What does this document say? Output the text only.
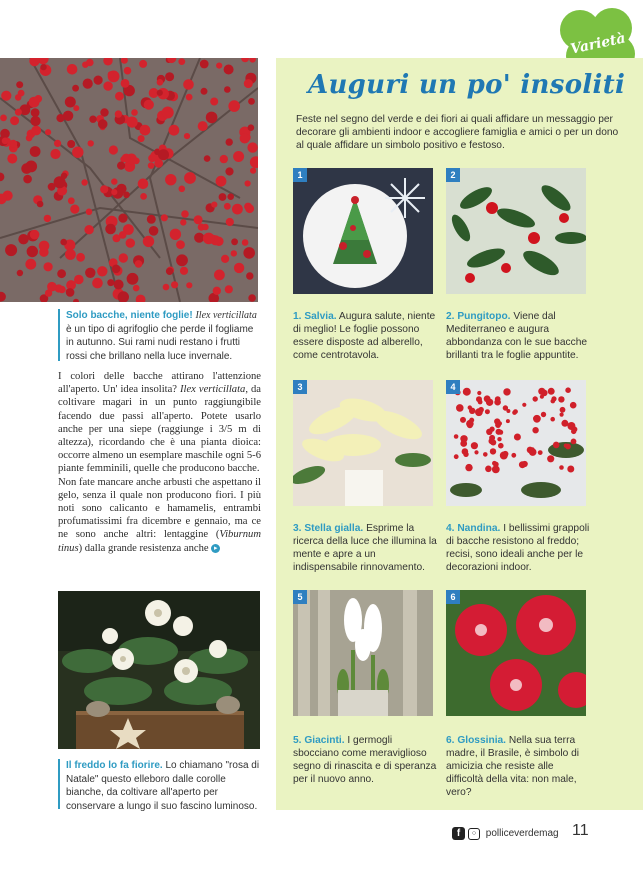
Varietà
Solo bacche, niente foglie! Ilex verticillata è un tipo di agrifoglio che perde il fogliame in autunno. Sui rami nudi restano i frutti rossi che brillano nella luce invernale.

I colori delle bacche attirano l'attenzione all'aperto. Un' idea insolita? Ilex verticillata, da coltivare magari in un punto raggiungibile facendo due passi all'aperto. Potete usarlo anche per una siepe (raggiunge i 3/5 m di altezza), ricordando che è una pianta dioica: occorre almeno un esemplare maschile ogni 5-6 piante femminili, quelle che producono bacche.

Non fate mancare anche arbusti che aspettano il gelo, senza il quale non producono fiori. I più noti sono calicanto e hamamelis, entrambi profumatissimi fra dicembre e gennaio, ma ce ne sono anche altri: lentaggine (Viburnum tinus) dalla grande resistenza anche ▸

Il freddo lo fa fiorire. Lo chiamano "rosa di Natale" questo elleboro dalle corolle bianche, da coltivare all'aperto per conservare a lungo il suo fascino luminoso.
Auguri un po' insoliti
Feste nel segno del verde e dei fiori ai quali affidare un messaggio per decorare gli ambienti indoor e accogliere famiglia e amici o per un dono al quale affidare un simbolo positivo e festoso.
1
1. Salvia. Augura salute, niente di meglio! Le foglie possono essere disposte ad alberello, come centrotavola.
2
2. Pungitopo. Viene dal Mediterraneo e augura abbondanza con le sue bacche brillanti tra le foglie appuntite.
3
3. Stella gialla. Esprime la ricerca della luce che illumina la mente e apre a un indispensabile rinnovamento.
4
4. Nandina. I bellissimi grappoli di bacche resistono al freddo; recisi, sono ideali anche per le decorazioni indoor.
5
5. Giacinti. I germogli sbocciano come meraviglioso segno di rinascita e di speranza per il nuovo anno.
6
6. Glossinia. Nella sua terra madre, il Brasile, è simbolo di amicizia che resiste alle difficoltà della vita: non male, vero?
f ○ polliceverdemag 11
